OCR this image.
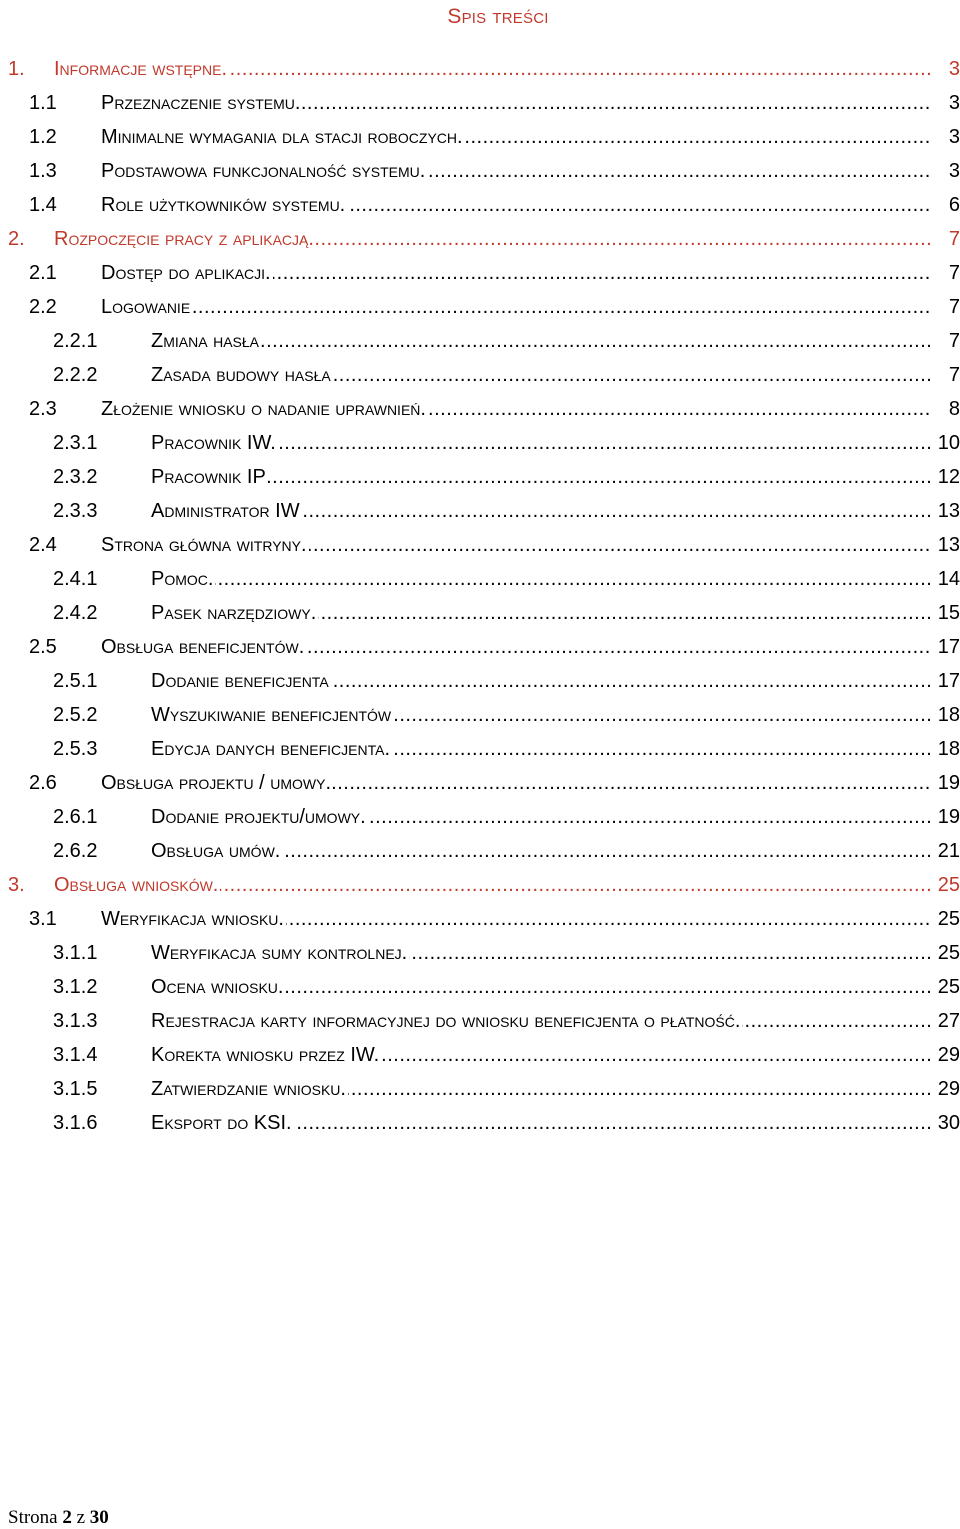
Spis treści
1. Informacje wstępne.	3
1.1 Przeznaczenie systemu.	3
1.2 Minimalne wymagania dla stacji roboczych.	3
1.3 Podstawowa funkcjonalność systemu.	3
1.4 Role użytkowników systemu.	6
2. Rozpoczęcie pracy z aplikacją.	7
2.1 Dostęp do aplikacji.	7
2.2 Logowanie	7
2.2.1	Zmiana hasła	7
2.2.2	Zasada budowy hasła	7
2.3 Złożenie wniosku o nadanie uprawnień.	8
2.3.1	Pracownik IW.	10
2.3.2	Pracownik IP	12
2.3.3	Administrator IW	13
2.4 Strona główna witryny.	13
2.4.1	Pomoc.	14
2.4.2	Pasek narzędziowy.	15
2.5 Obsługa beneficjentów.	17
2.5.1	Dodanie beneficjenta	17
2.5.2	Wyszukiwanie beneficjentów	18
2.5.3	Edycja danych beneficjenta.	18
2.6 Obsługa projektu / umowy.	19
2.6.1	Dodanie projektu/umowy.	19
2.6.2	Obsługa umów.	21
3. Obsługa wniosków.	25
3.1 Weryfikacja wniosku.	25
3.1.1	Weryfikacja sumy kontrolnej.	25
3.1.2	Ocena wniosku.	25
3.1.3	Rejestracja karty informacyjnej do wniosku beneficjenta o płatność.	27
3.1.4	Korekta wniosku przez IW.	29
3.1.5	Zatwierdzanie wniosku.	29
3.1.6	Eksport do KSI.	30
Strona 2 z 30
